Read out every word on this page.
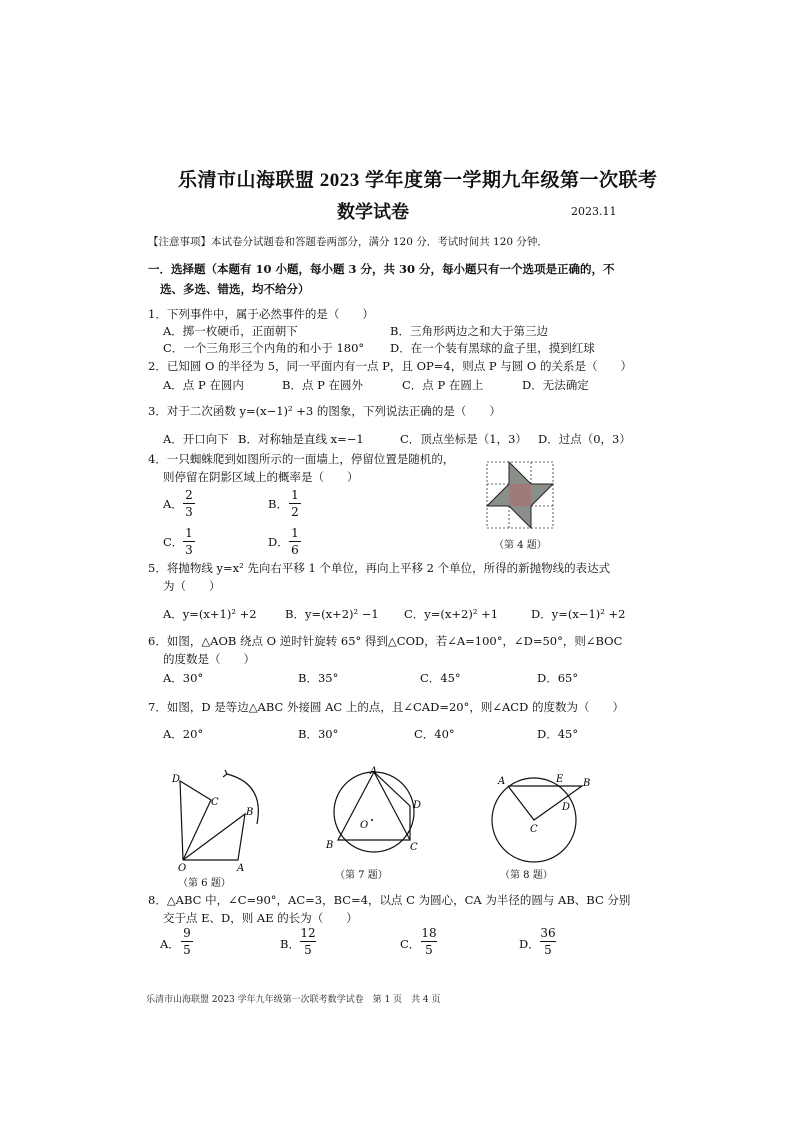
乐清市山海联盟 2023 学年度第一学期九年级第一次联考
数学试卷	2023.11
【注意事项】本试卷分试题卷和答题卷两部分，满分 120 分．考试时间共 120 分钟．
一．选择题（本题有 10 小题，每小题 3 分，共 30 分，每小题只有一个选项是正确的，不
选、多选、错选，均不给分）
1．下列事件中，属于必然事件的是（　　）
A．掷一枚硬币，正面朝下	B．三角形两边之和大于第三边
C．一个三角形三个内角的和小于 180° D．在一个装有黑球的盒子里，摸到红球
2．已知圆 O 的半径为 5，同一平面内有一点 P，且 OP=4，则点 P 与圆 O 的关系是（　　）
A．点 P 在圆内	B．点 P 在圆外	C．点 P 在圆上	D．无法确定
3．对于二次函数 y=(x−1)² +3 的图象，下列说法正确的是（　　）
A．开口向下 B．对称轴是直线 x=−1	C．顶点坐标是（1，3） D．过点（0，3）
4．一只蜘蛛爬到如图所示的一面墙上，停留位置是随机的，
则停留在阴影区域上的概率是（　　）
A．
2
3
B．
1
2
C．
1
3
D．
1
6	（第 4 题）
5．将抛物线 y=x² 先向右平移 1 个单位，再向上平移 2 个单位，所得的新抛物线的表达式
为（　　）
A．y=(x+1)² +2 B．y=(x+2)² −1 C．y=(x+2)² +1	D．y=(x−1)² +2
6．如图，△AOB 绕点 O 逆时针旋转 65° 得到△COD，若∠A=100°，∠D=50°，则∠BOC
的度数是（　　）
A．30°	B．35°	C．45°	D．65°
7．如图，D 是等边△ABC 外接圆 AC 上的点，且∠CAD=20°，则∠ACD 的度数为（　　）
A．20°	B．30°	C．40°	D．45°
D
C
B
O	A
（第 6 题）
A
O
B	C
D
（第 7 题）
A	E B
D
C
（第 8 题）
8．△ABC 中，∠C=90°，AC=3，BC=4，以点 C 为圆心，CA 为半径的圆与 AB、BC 分别
交于点 E、D，则 AE 的长为（　　）
A．
9
5	B．
12
5	C．
18
5	D．
36
5
乐清市山海联盟 2023 学年九年级第一次联考数学试卷　第 1 页　共 4 页
